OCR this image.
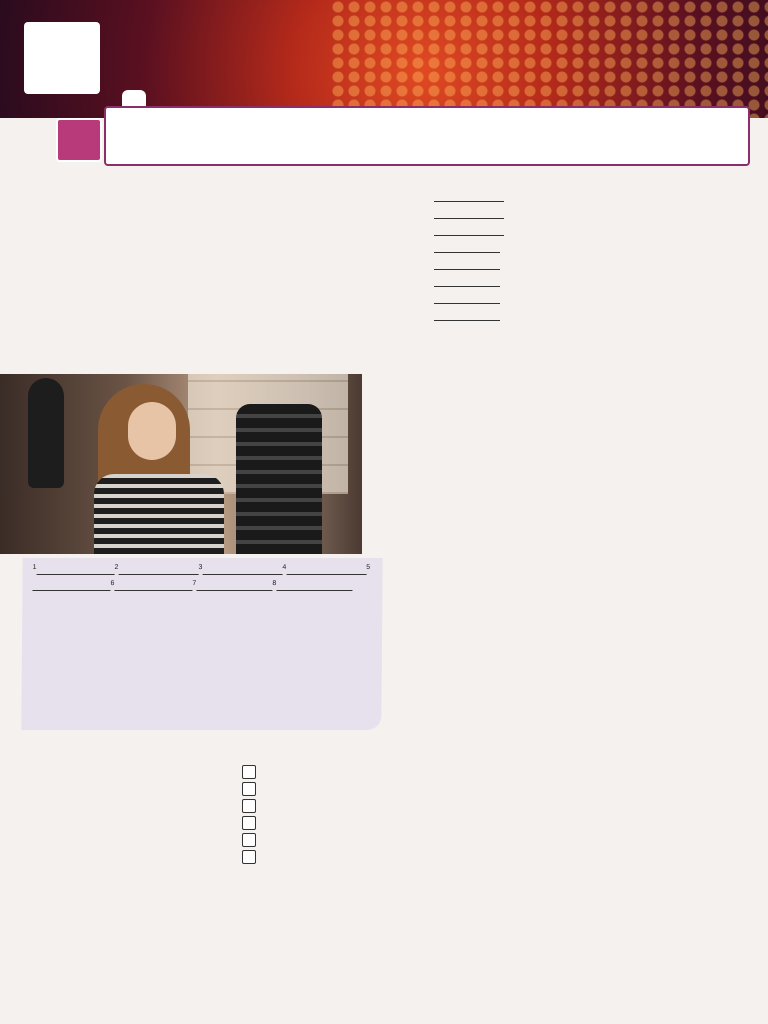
$^1$	$^2$	$^3$	$^4$	$^{56}$	$^7$	$^8$
